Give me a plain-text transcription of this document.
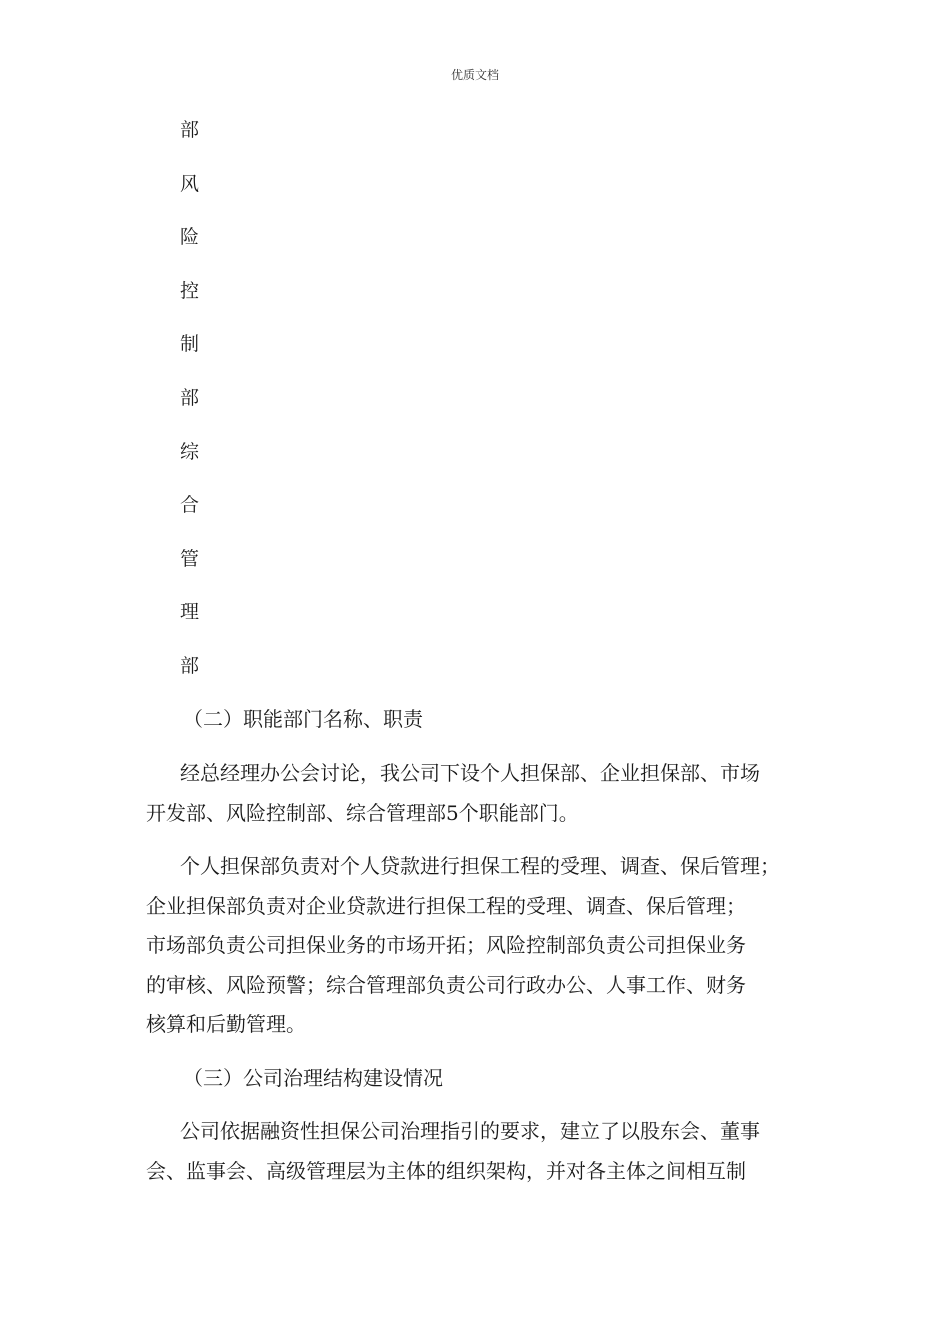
优质文档
部
风
险
控
制
部
综
合
管
理
部
（二）职能部门名称、职责
经总经理办公会讨论，我公司下设个人担保部、企业担保部、市场
开发部、风险控制部、综合管理部5个职能部门。
个人担保部负责对个人贷款进行担保工程的受理、调查、保后管理；
企业担保部负责对企业贷款进行担保工程的受理、调查、保后管理；
市场部负责公司担保业务的市场开拓；风险控制部负责公司担保业务
的审核、风险预警；综合管理部负责公司行政办公、人事工作、财务
核算和后勤管理。
（三）公司治理结构建设情况
公司依据融资性担保公司治理指引的要求，建立了以股东会、董事
会、监事会、高级管理层为主体的组织架构，并对各主体之间相互制
